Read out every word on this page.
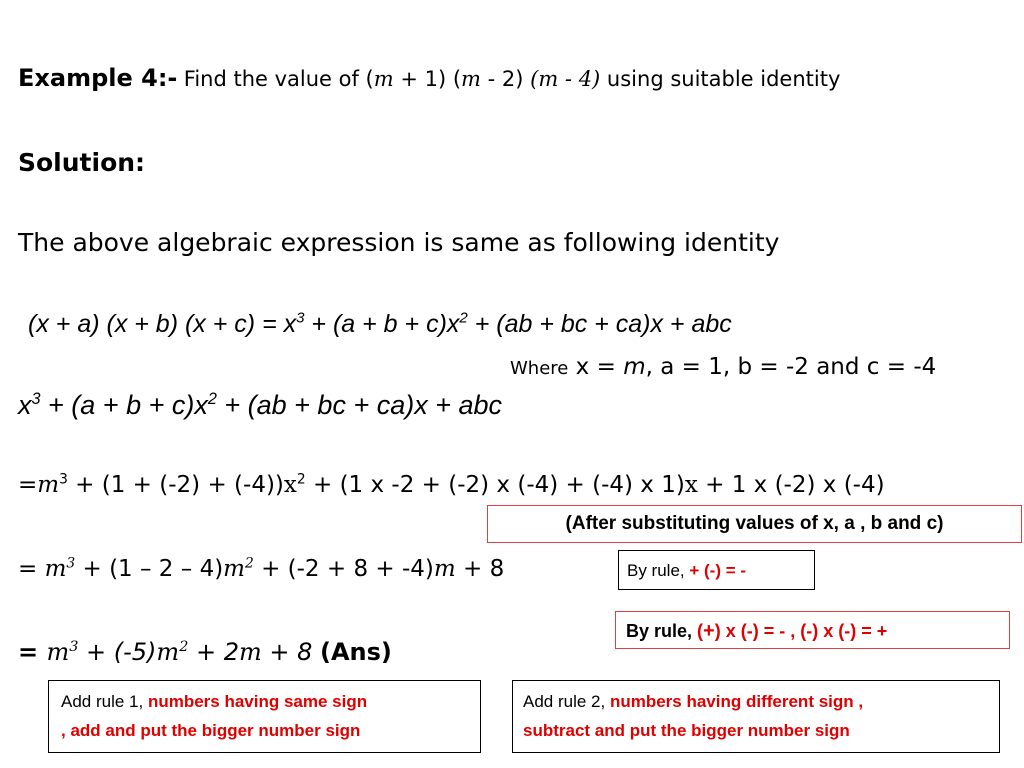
Example 4:- Find the value of (m + 1) (m - 2) (m - 4) using suitable identity
Solution:
The above algebraic expression is same as following identity
(x + a) (x + b) $(x + c) = x^3 + (a + b + c)x^2 + (ab$ + bc + ca)x + abc
Where x = m, a = 1, b = -2 and c = -4
$x^3 + (a + b + c)x^2 + (ab$ + bc + ca)x + abc
$=m^3 + (1 + (-2) + (-4))x^2 + (1$ x -2 + (-2) x (-4) + (-4) x 1)x + 1 x (-2) x (-4)
(After substituting values of x, a , b and c)
= $m^3 + (1 - 2 - 4)m^2 + (-2 + 8 + -4)m + 8$	By rule, + (-) = -
By rule, (+) x (-) = - , (-) x (-) = +
= $m^3 + (-5)m^2 + 2m + 8$ (Ans)
Add rule 1, numbers having same sign
, add and put the bigger number sign
Add rule 2, numbers having different sign ,
subtract and put the bigger number sign
